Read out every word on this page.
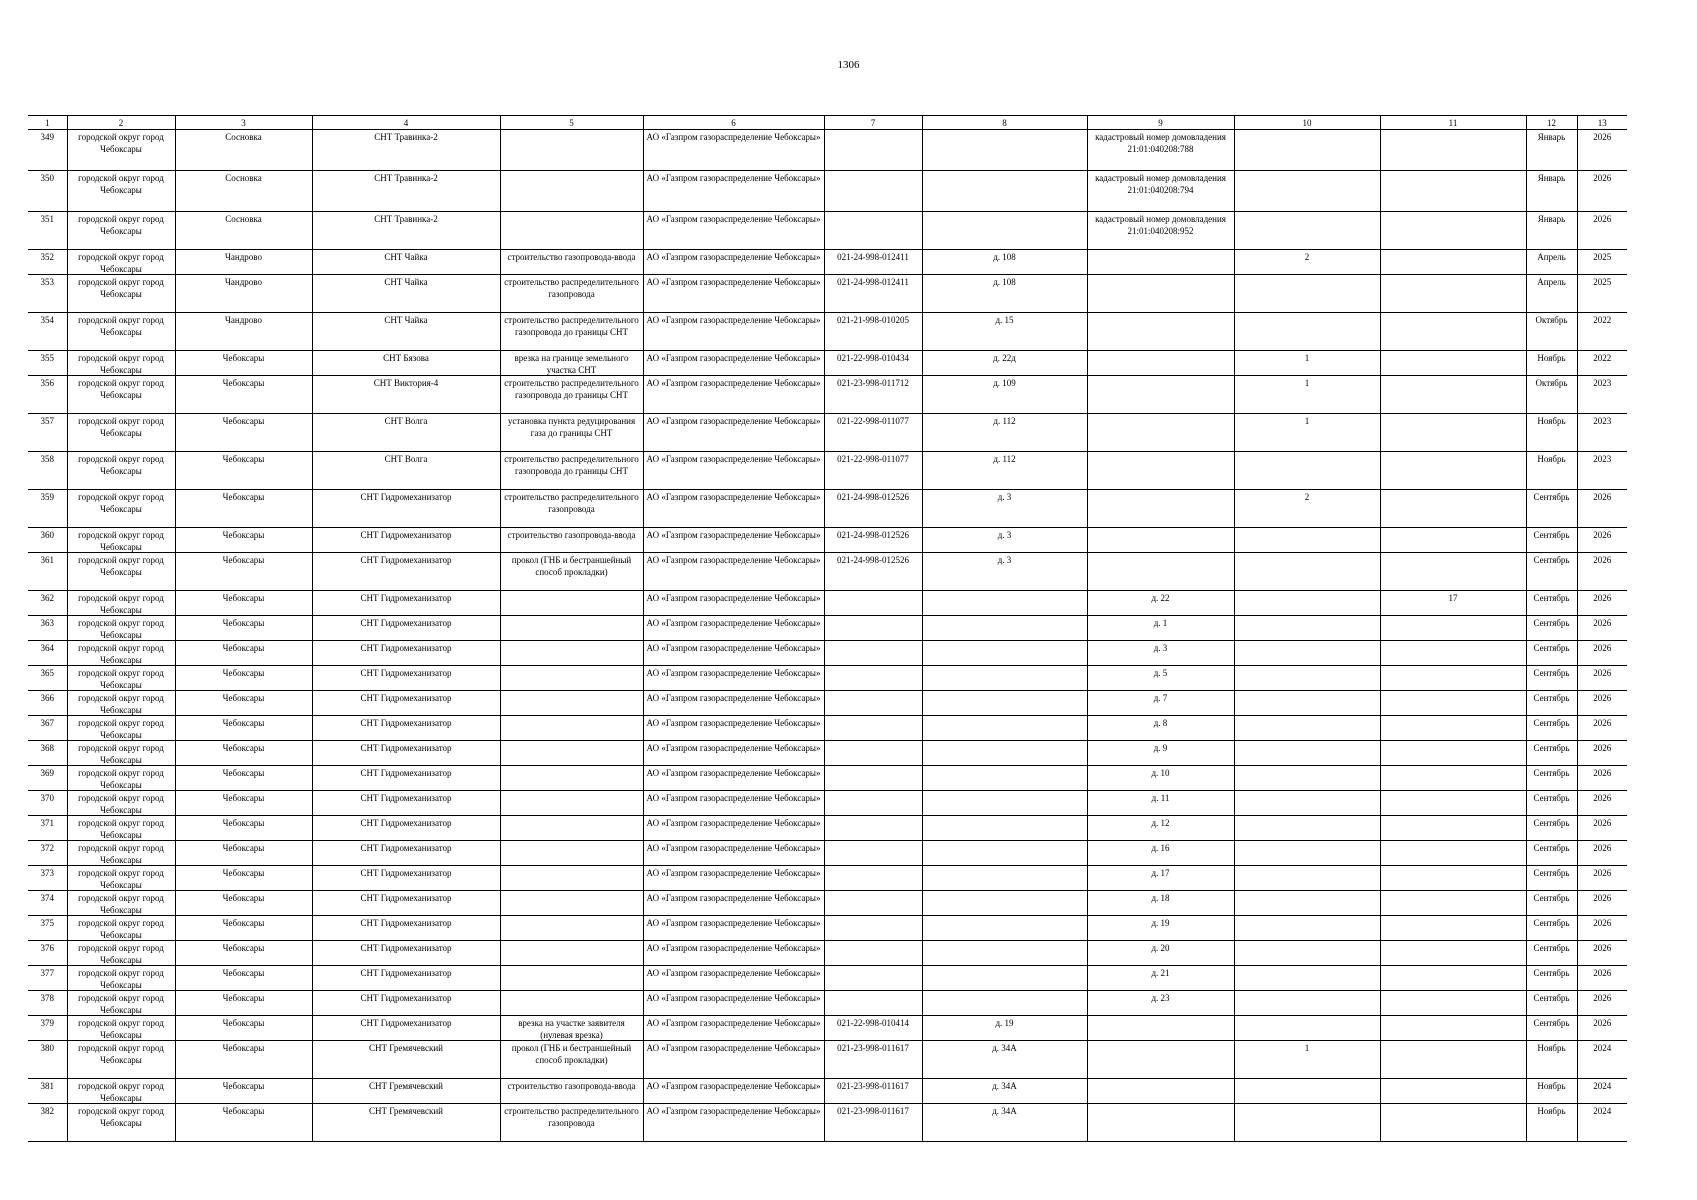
1306
1	2	3	4	5	6	7	8	9	10	11	12	13

349	городской округ город Чебоксары	Сосновка	СНТ Травинка-2		АО «Газпром газораспределение Чебоксары»			кадастровый номер домовладения 21:01:040208:788			Январь	2026

350	городской округ город Чебоксары	Сосновка	СНТ Травинка-2		АО «Газпром газораспределение Чебоксары»			кадастровый номер домовладения 21:01:040208:794			Январь	2026

351	городской округ город Чебоксары	Сосновка	СНТ Травинка-2		АО «Газпром газораспределение Чебоксары»			кадастровый номер домовладения 21:01:040208:952			Январь	2026

352	городской округ город Чебоксары	Чандрово	СНТ Чайка	строительство газопровода-ввода	АО «Газпром газораспределение Чебоксары»	021-24-998-012411	д. 108		2		Апрель	2025

353	городской округ город Чебоксары	Чандрово	СНТ Чайка	строительство распределительного газопровода	АО «Газпром газораспределение Чебоксары»	021-24-998-012411	д. 108				Апрель	2025

354	городской округ город Чебоксары	Чандрово	СНТ Чайка	строительство распределительного газопровода до границы СНТ	АО «Газпром газораспределение Чебоксары»	021-21-998-010205	д. 15				Октябрь	2022

355	городской округ город Чебоксары	Чебоксары	СНТ Бязова	врезка на границе земельного участка СНТ	АО «Газпром газораспределение Чебоксары»	021-22-998-010434	д. 22д		1		Ноябрь	2022

356	городской округ город Чебоксары	Чебоксары	СНТ Виктория-4	строительство распределительного газопровода до границы СНТ	АО «Газпром газораспределение Чебоксары»	021-23-998-011712	д. 109		1		Октябрь	2023

357	городской округ город Чебоксары	Чебоксары	СНТ Волга	установка пункта редуцирования газа до границы СНТ	АО «Газпром газораспределение Чебоксары»	021-22-998-011077	д. 112		1		Ноябрь	2023

358	городской округ город Чебоксары	Чебоксары	СНТ Волга	строительство распределительного газопровода до границы СНТ	АО «Газпром газораспределение Чебоксары»	021-22-998-011077	д. 112				Ноябрь	2023

359	городской округ город Чебоксары	Чебоксары	СНТ Гидромеханизатор	строительство распределительного газопровода	АО «Газпром газораспределение Чебоксары»	021-24-998-012526	д. 3		2		Сентябрь	2026

360	городской округ город Чебоксары	Чебоксары	СНТ Гидромеханизатор	строительство газопровода-ввода	АО «Газпром газораспределение Чебоксары»	021-24-998-012526	д. 3				Сентябрь	2026

361	городской округ город Чебоксары	Чебоксары	СНТ Гидромеханизатор	прокол (ГНБ и бестраншейный способ прокладки)	АО «Газпром газораспределение Чебоксары»	021-24-998-012526	д. 3				Сентябрь	2026

362	городской округ город Чебоксары	Чебоксары	СНТ Гидромеханизатор		АО «Газпром газораспределение Чебоксары»			д. 22		17	Сентябрь	2026

363	городской округ город Чебоксары	Чебоксары	СНТ Гидромеханизатор		АО «Газпром газораспределение Чебоксары»			д. 1			Сентябрь	2026

364	городской округ город Чебоксары	Чебоксары	СНТ Гидромеханизатор		АО «Газпром газораспределение Чебоксары»			д. 3			Сентябрь	2026

365	городской округ город Чебоксары	Чебоксары	СНТ Гидромеханизатор		АО «Газпром газораспределение Чебоксары»			д. 5			Сентябрь	2026

366	городской округ город Чебоксары	Чебоксары	СНТ Гидромеханизатор		АО «Газпром газораспределение Чебоксары»			д. 7			Сентябрь	2026

367	городской округ город Чебоксары	Чебоксары	СНТ Гидромеханизатор		АО «Газпром газораспределение Чебоксары»			д. 8			Сентябрь	2026

368	городской округ город Чебоксары	Чебоксары	СНТ Гидромеханизатор		АО «Газпром газораспределение Чебоксары»			д. 9			Сентябрь	2026

369	городской округ город Чебоксары	Чебоксары	СНТ Гидромеханизатор		АО «Газпром газораспределение Чебоксары»			д. 10			Сентябрь	2026

370	городской округ город Чебоксары	Чебоксары	СНТ Гидромеханизатор		АО «Газпром газораспределение Чебоксары»			д. 11			Сентябрь	2026

371	городской округ город Чебоксары	Чебоксары	СНТ Гидромеханизатор		АО «Газпром газораспределение Чебоксары»			д. 12			Сентябрь	2026

372	городской округ город Чебоксары	Чебоксары	СНТ Гидромеханизатор		АО «Газпром газораспределение Чебоксары»			д. 16			Сентябрь	2026

373	городской округ город Чебоксары	Чебоксары	СНТ Гидромеханизатор		АО «Газпром газораспределение Чебоксары»			д. 17			Сентябрь	2026

374	городской округ город Чебоксары	Чебоксары	СНТ Гидромеханизатор		АО «Газпром газораспределение Чебоксары»			д. 18			Сентябрь	2026

375	городской округ город Чебоксары	Чебоксары	СНТ Гидромеханизатор		АО «Газпром газораспределение Чебоксары»			д. 19			Сентябрь	2026

376	городской округ город Чебоксары	Чебоксары	СНТ Гидромеханизатор		АО «Газпром газораспределение Чебоксары»			д. 20			Сентябрь	2026

377	городской округ город Чебоксары	Чебоксары	СНТ Гидромеханизатор		АО «Газпром газораспределение Чебоксары»			д. 21			Сентябрь	2026

378	городской округ город Чебоксары	Чебоксары	СНТ Гидромеханизатор		АО «Газпром газораспределение Чебоксары»			д. 23			Сентябрь	2026

379	городской округ город Чебоксары	Чебоксары	СНТ Гидромеханизатор	врезка на участке заявителя (нулевая врезка)	АО «Газпром газораспределение Чебоксары»	021-22-998-010414	д. 19				Сентябрь	2026

380	городской округ город Чебоксары	Чебоксары	СНТ Гремячевский	прокол (ГНБ и бестраншейный способ прокладки)	АО «Газпром газораспределение Чебоксары»	021-23-998-011617	д. 34А		1		Ноябрь	2024

381	городской округ город Чебоксары	Чебоксары	СНТ Гремячевский	строительство газопровода-ввода	АО «Газпром газораспределение Чебоксары»	021-23-998-011617	д. 34А				Ноябрь	2024

382	городской округ город Чебоксары	Чебоксары	СНТ Гремячевский	строительство распределительного газопровода	АО «Газпром газораспределение Чебоксары»	021-23-998-011617	д. 34А				Ноябрь	2024
